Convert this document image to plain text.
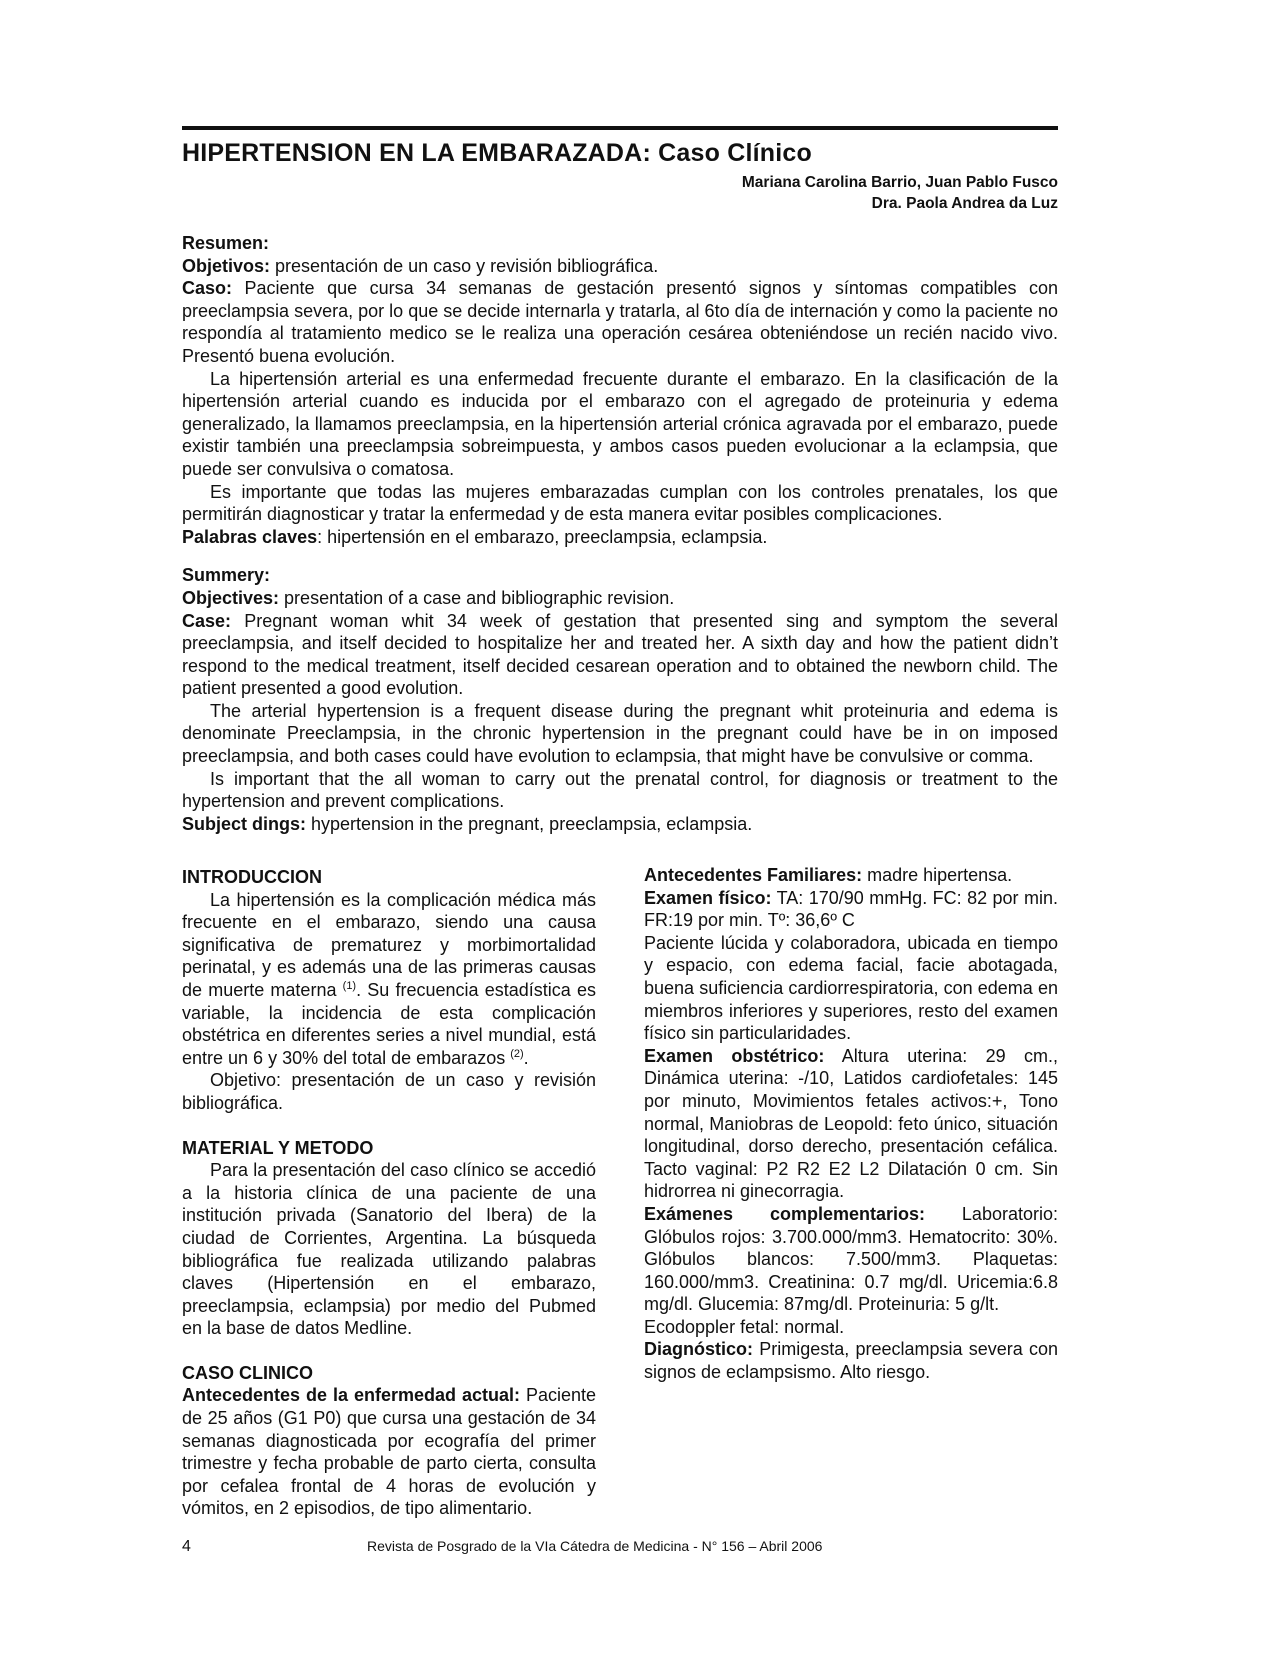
HIPERTENSION EN LA EMBARAZADA: Caso Clínico
Mariana Carolina Barrio, Juan Pablo Fusco
Dra. Paola Andrea da Luz

Resumen:

Objetivos: presentación de un caso y revisión bibliográfica.

Caso: Paciente que cursa 34 semanas de gestación presentó signos y síntomas compatibles con preeclampsia severa, por lo que se decide internarla y tratarla, al 6to día de internación y como la paciente no respondía al tratamiento medico se le realiza una operación cesárea obteniéndose un recién nacido vivo. Presentó buena evolución.

La hipertensión arterial es una enfermedad frecuente durante el embarazo. En la clasificación de la hipertensión arterial cuando es inducida por el embarazo con el agregado de proteinuria y edema generalizado, la llamamos preeclampsia, en la hipertensión arterial crónica agravada por el embarazo, puede existir también una preeclampsia sobreimpuesta, y ambos casos pueden evolucionar a la eclampsia, que puede ser convulsiva o comatosa.

Es importante que todas las mujeres embarazadas cumplan con los controles prenatales, los que permitirán diagnosticar y tratar la enfermedad y de esta manera evitar posibles complicaciones.

Palabras claves: hipertensión en el embarazo, preeclampsia, eclampsia.

Summery:

Objectives: presentation of a case and bibliographic revision.

Case: Pregnant woman whit 34 week of gestation that presented sing and symptom the several preeclampsia, and itself decided to hospitalize her and treated her. A sixth day and how the patient didn’t respond to the medical treatment, itself decided cesarean operation and to obtained the newborn child. The patient presented a good evolution.

The arterial hypertension is a frequent disease during the pregnant whit proteinuria and edema is denominate Preeclampsia, in the chronic hypertension in the pregnant could have be in on imposed preeclampsia, and both cases could have evolution to eclampsia, that might have be convulsive or comma.

Is important that the all woman to carry out the prenatal control, for diagnosis or treatment to the hypertension and prevent complications.

Subject dings: hypertension in the pregnant, preeclampsia, eclampsia.

INTRODUCCION

La hipertensión es la complicación médica más frecuente en el embarazo, siendo una causa significativa de prematurez y morbimortalidad perinatal, y es además una de las primeras causas de muerte materna $^{(1)}$. Su frecuencia estadística es variable, la incidencia de esta complicación obstétrica en diferentes series a nivel mundial, está entre un 6 y 30% del total de embarazos $^{(2)}$.

Objetivo: presentación de un caso y revisión bibliográfica.

MATERIAL Y METODO

Para la presentación del caso clínico se accedió a la historia clínica de una paciente de una institución privada (Sanatorio del Ibera) de la ciudad de Corrientes, Argentina. La búsqueda bibliográfica fue realizada utilizando palabras claves (Hipertensión en el embarazo, preeclampsia, eclampsia) por medio del Pubmed en la base de datos Medline.

CASO CLINICO

Antecedentes de la enfermedad actual: Paciente de 25 años (G1 P0) que cursa una gestación de 34 semanas diagnosticada por ecografía del primer trimestre y fecha probable de parto cierta, consulta por cefalea frontal de 4 horas de evolución y vómitos, en 2 episodios, de tipo alimentario.

Antecedentes Familiares: madre hipertensa.

Examen físico: TA: 170/90 mmHg. FC: 82 por min. FR:19 por min. Tº: 36,6º C

Paciente lúcida y colaboradora, ubicada en tiempo y espacio, con edema facial, facie abotagada, buena suficiencia cardiorrespiratoria, con edema en miembros inferiores y superiores, resto del examen físico sin particularidades.

Examen obstétrico: Altura uterina: 29 cm., Dinámica uterina: -/10, Latidos cardiofetales: 145 por minuto, Movimientos fetales activos:+, Tono normal, Maniobras de Leopold: feto único, situación longitudinal, dorso derecho, presentación cefálica. Tacto vaginal: P2 R2 E2 L2 Dilatación 0 cm. Sin hidrorrea ni ginecorragia.

Exámenes complementarios: Laboratorio: Glóbulos rojos: 3.700.000/mm3. Hematocrito: 30%. Glóbulos blancos: 7.500/mm3. Plaquetas: 160.000/mm3. Creatinina: 0.7 mg/dl. Uricemia:6.8 mg/dl. Glucemia: 87mg/dl. Proteinuria: 5 g/lt.

Ecodoppler fetal: normal.

Diagnóstico: Primigesta, preeclampsia severa con signos de eclampsismo. Alto riesgo.

4	Revista de Posgrado de la VIa Cátedra de Medicina - N° 156 – Abril 2006
